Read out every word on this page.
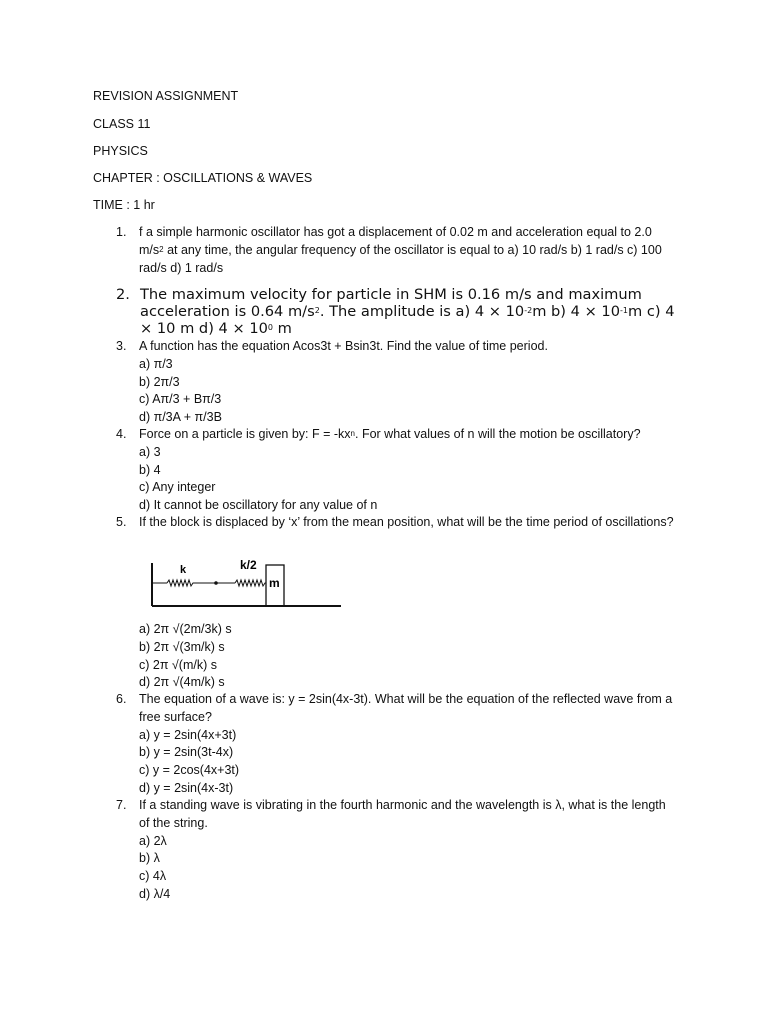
REVISION ASSIGNMENT

CLASS 11

PHYSICS

CHAPTER : OSCILLATIONS & WAVES

TIME : 1 hr

1. f a simple harmonic oscillator has got a displacement of 0.02 m and acceleration equal to 2.0 $m/s^2$ at any time, the angular frequency of the oscillator is equal to a) 10 rad/s b) 1 rad/s c) 100 rad/s d) 1 rad/s
2. The maximum velocity for particle in SHM is 0.16 m/s and maximum acceleration is 0.64 $m/s^2$. The amplitude is a) $4 \times 10^{-2}m$ b) $4 \times 10^{-1}m$ c) 4 × 10 m d) $4 \times 10^0$ m
3. A function has the equation Acos3t + Bsin3t. Find the value of time period.
a) π/3
b) 2π/3
c) Aπ/3 + Bπ/3
d) π/3A + π/3B
4. Force on a particle is given by: $F = -kx^n$. For what values of n will the motion be oscillatory?
a) 3
b) 4
c) Any integer
d) It cannot be oscillatory for any value of n
5. If the block is displaced by ‘x’ from the mean position, what will be the time period of oscillations?
k	k/2
m
a) 2π √(2m/3k) s
b) 2π √(3m/k) s
c) 2π √(m/k) s
d) 2π √(4m/k) s
6. The equation of a wave is: y = 2sin(4x-3t). What will be the equation of the reflected wave from a free surface?
a) y = 2sin(4x+3t)
b) y = 2sin(3t-4x)
c) y = 2cos(4x+3t)
d) y = 2sin(4x-3t)
7. If a standing wave is vibrating in the fourth harmonic and the wavelength is λ, what is the length of the string.
a) 2λ
b) λ
c) 4λ
d) λ/4
